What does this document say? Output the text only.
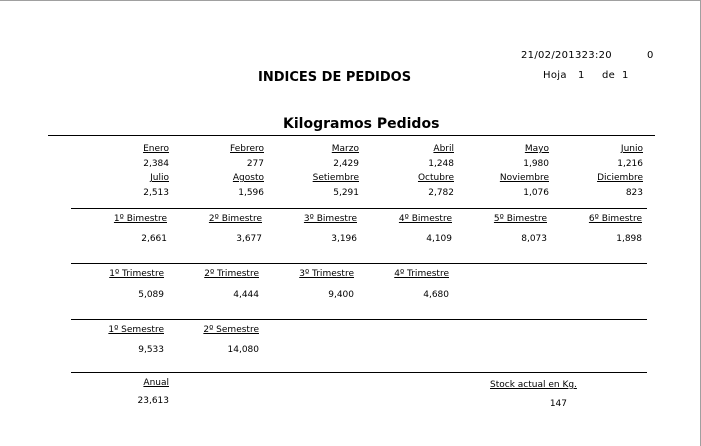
21/02/201323:20	0
INDICES DE PEDIDOS	Hoja 1 de 1
Kilogramos Pedidos
Enero
2,384
Febrero
277
Marzo
2,429
Abril
1,248
Mayo
1,980
Junio
1,216
Julio
2,513
Agosto
1,596
Setiembre
5,291
Octubre
2,782
Noviembre
1,076
Diciembre
823
1º Bimestre
2,661
2º Bimestre
3,677
3º Bimestre
3,196
4º Bimestre
4,109
5º Bimestre
8,073
6º Bimestre
1,898
1º Trimestre
5,089
2º Trimestre
4,444
3º Trimestre
9,400
4º Trimestre
4,680
1º Semestre
9,533
2º Semestre
14,080
Anual
23,613
Stock actual en Kg.
147
